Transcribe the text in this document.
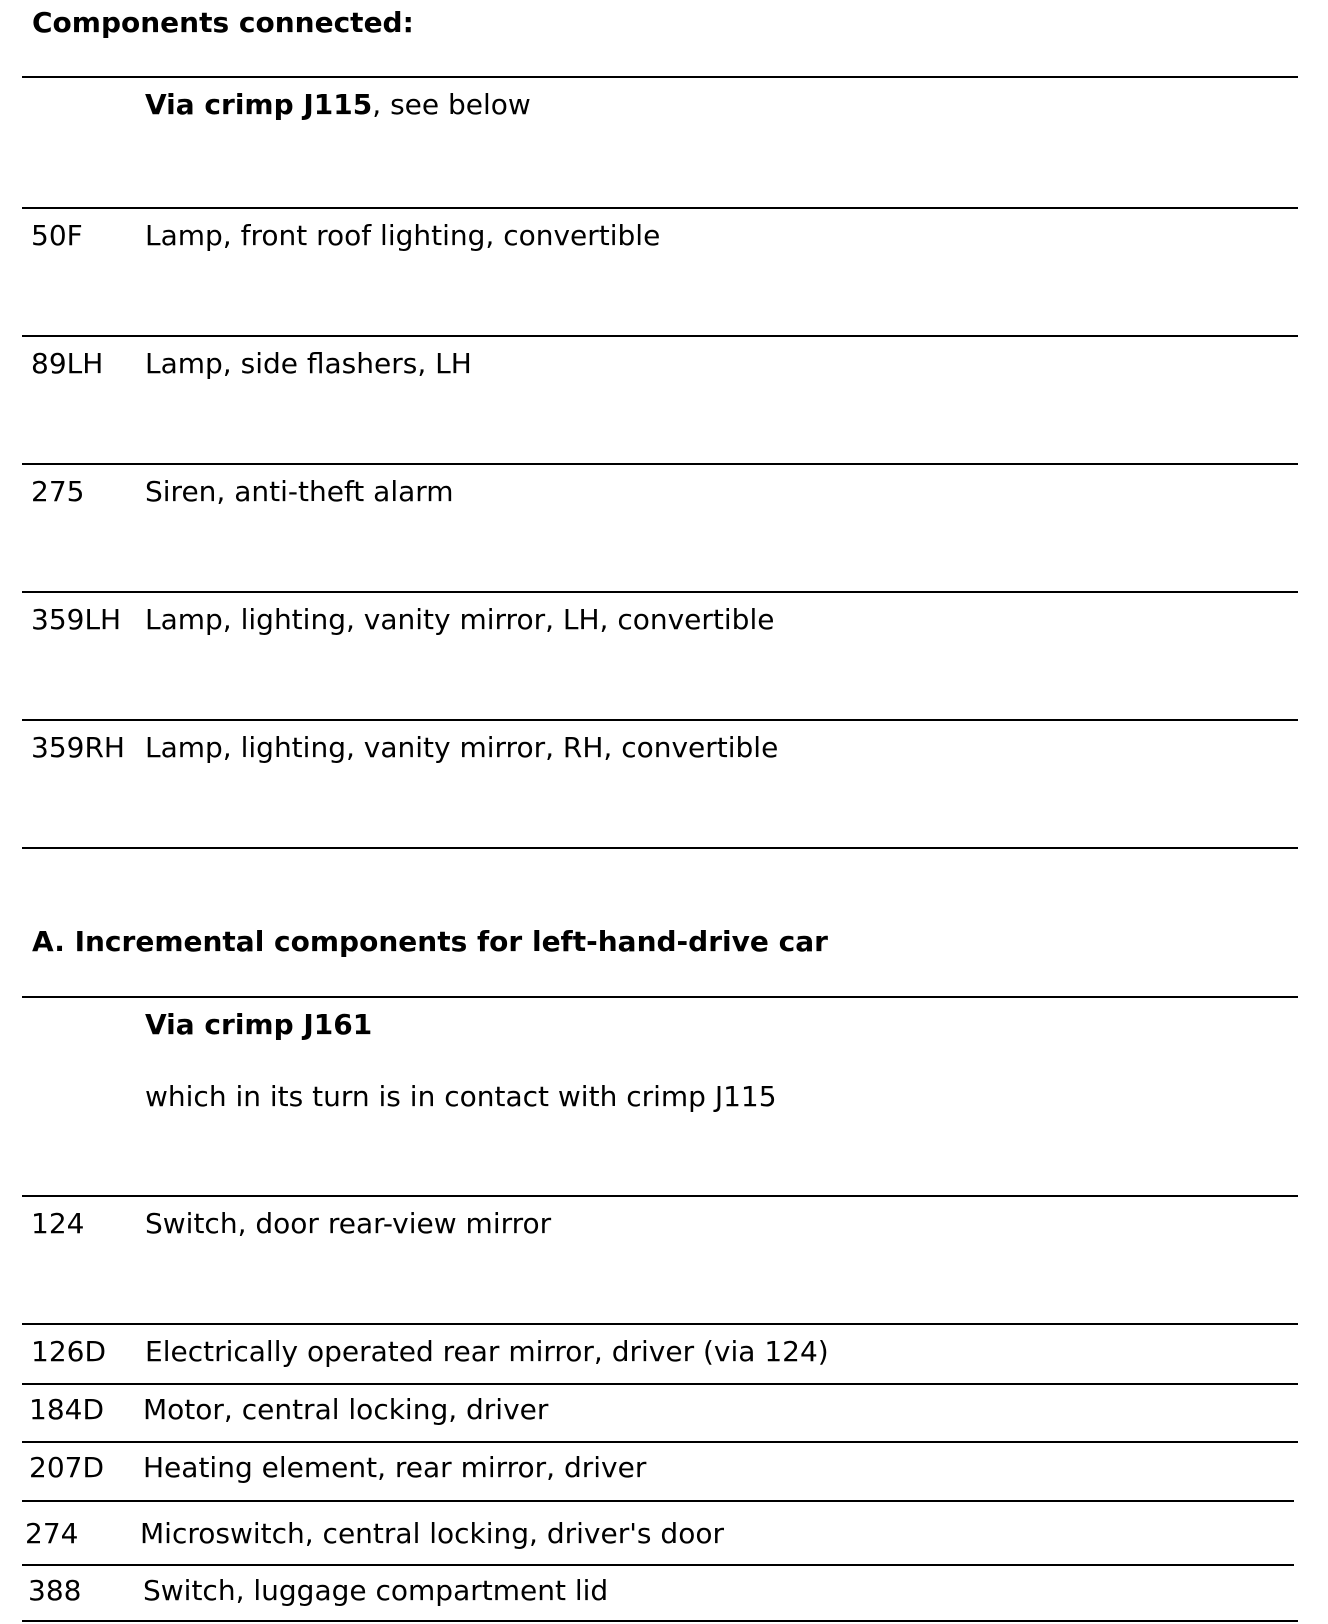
Components connected:
Via crimp J115, see below
50F Lamp, front roof lighting, convertible
89LH Lamp, side flashers, LH
275 Siren, anti-theft alarm
359LH Lamp, lighting, vanity mirror, LH, convertible
359RH Lamp, lighting, vanity mirror, RH, convertible
A. Incremental components for left-hand-drive car
Via crimp J161
which in its turn is in contact with crimp J115
124 Switch, door rear-view mirror
126D Electrically operated rear mirror, driver (via 124)
184D Motor, central locking, driver
207D Heating element, rear mirror, driver
274 Microswitch, central locking, driver's door
388 Switch, luggage compartment lid
